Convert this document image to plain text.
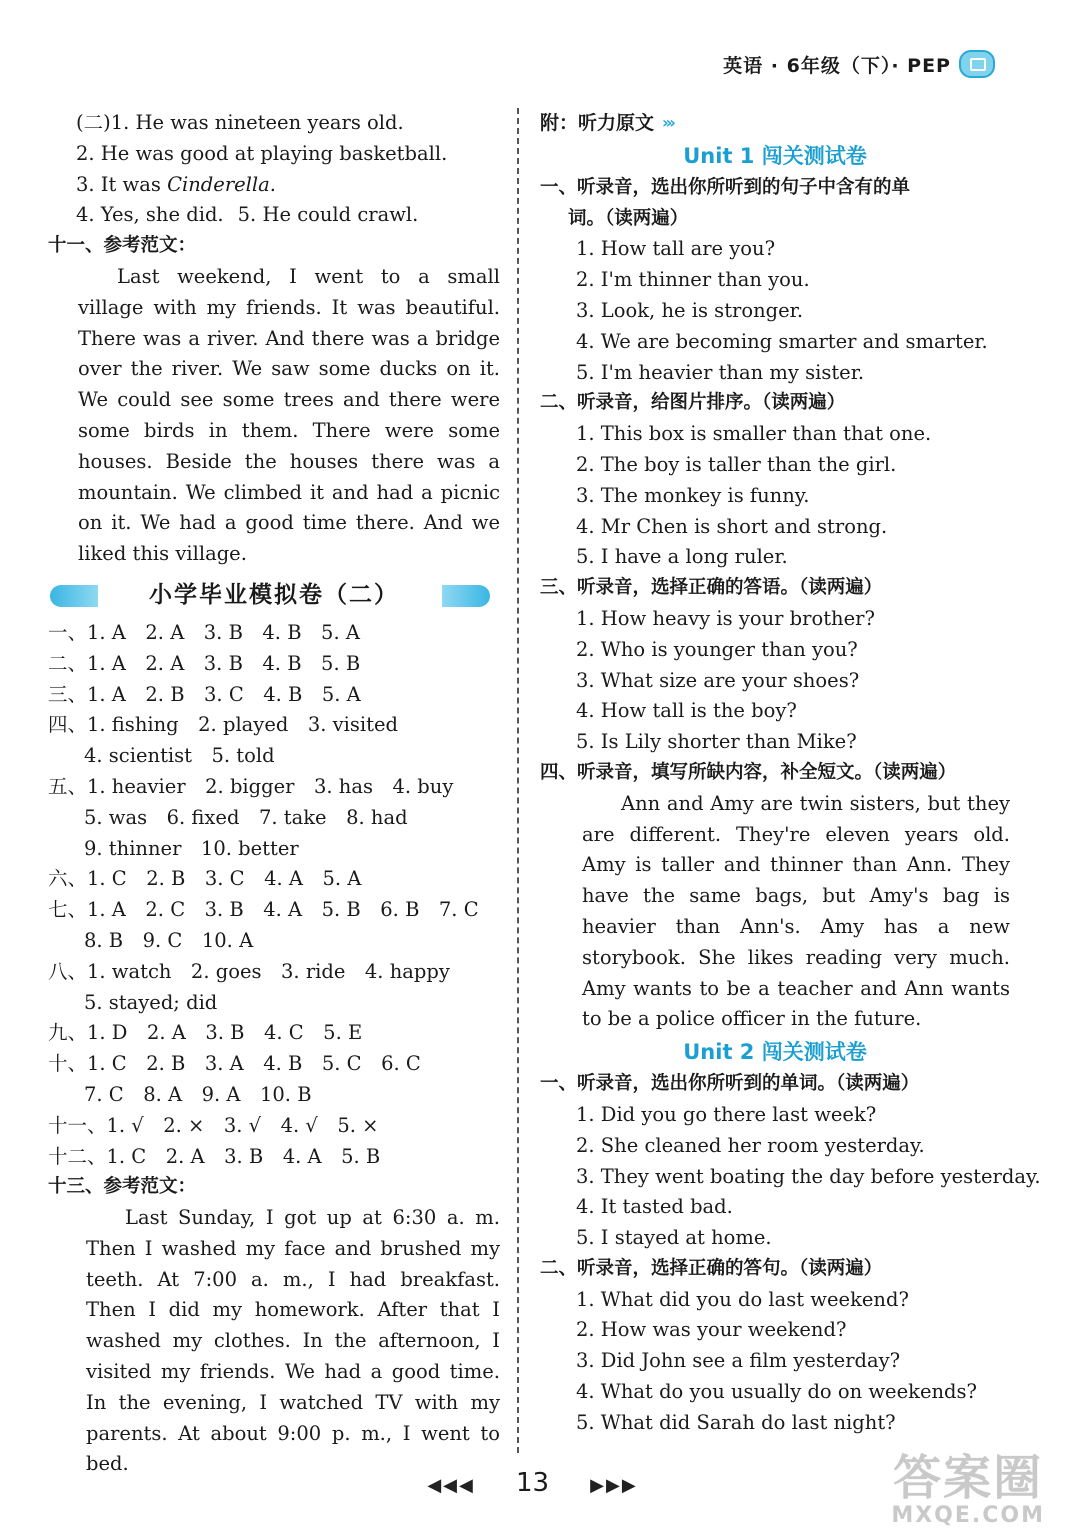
英语 · 6年级（下）· PEP
(二)1. He was nineteen years old.
2. He was good at playing basketball.
3. It was Cinderella.
4. Yes, she did. 5. He could crawl.
十一、参考范文：
Last weekend, I went to a small village with my friends. It was beautiful. There was a river. And there was a bridge over the river. We saw some ducks on it. We could see some trees and there were some birds in them. There were some houses. Beside the houses there was a mountain. We climbed it and had a picnic on it. We had a good time there. And we liked this village.
小学毕业模拟卷（二）
一、1. A　2. A　3. B　4. B　5. A
二、1. A　2. A　3. B　4. B　5. B
三、1. A　2. B　3. C　4. B　5. A
四、1. fishing　2. played　3. visited
4. scientist　5. told
五、1. heavier　2. bigger　3. has　4. buy
5. was　6. fixed　7. take　8. had
9. thinner　10. better
六、1. C　2. B　3. C　4. A　5. A
七、1. A　2. C　3. B　4. A　5. B　6. B　7. C
8. B　9. C　10. A
八、1. watch　2. goes　3. ride　4. happy
5. stayed; did
九、1. D　2. A　3. B　4. C　5. E
十、1. C　2. B　3. A　4. B　5. C　6. C
7. C　8. A　9. A　10. B
十一、1. √　2. ×　3. √　4. √　5. ×
十二、1. C　2. A　3. B　4. A　5. B
十三、参考范文：
Last Sunday, I got up at 6:30 a. m. Then I washed my face and brushed my teeth. At 7:00 a. m., I had breakfast. Then I did my homework. After that I washed my clothes. In the afternoon, I visited my friends. We had a good time. In the evening, I watched TV with my parents. At about 9:00 p. m., I went to bed.
附：听力原文 ›››
Unit 1 闯关测试卷
一、听录音，选出你所听到的句子中含有的单
词。（读两遍）
1. How tall are you?
2. I'm thinner than you.
3. Look, he is stronger.
4. We are becoming smarter and smarter.
5. I'm heavier than my sister.
二、听录音，给图片排序。（读两遍）
1. This box is smaller than that one.
2. The boy is taller than the girl.
3. The monkey is funny.
4. Mr Chen is short and strong.
5. I have a long ruler.
三、听录音，选择正确的答语。（读两遍）
1. How heavy is your brother?
2. Who is younger than you?
3. What size are your shoes?
4. How tall is the boy?
5. Is Lily shorter than Mike?
四、听录音，填写所缺内容，补全短文。（读两遍）
Ann and Amy are twin sisters, but they are different. They're eleven years old. Amy is taller and thinner than Ann. They have the same bags, but Amy's bag is heavier than Ann's. Amy has a new storybook. She likes reading very much. Amy wants to be a teacher and Ann wants to be a police officer in the future.
Unit 2 闯关测试卷
一、听录音，选出你所听到的单词。（读两遍）
1. Did you go there last week?
2. She cleaned her room yesterday.
3. They went boating the day before yesterday.
4. It tasted bad.
5. I stayed at home.
二、听录音，选择正确的答句。（读两遍）
1. What did you do last weekend?
2. How was your weekend?
3. Did John see a film yesterday?
4. What do you usually do on weekends?
5. What did Sarah do last night?
◀◀◀ 13 ▶▶▶	答案圈
MXQE.COM
